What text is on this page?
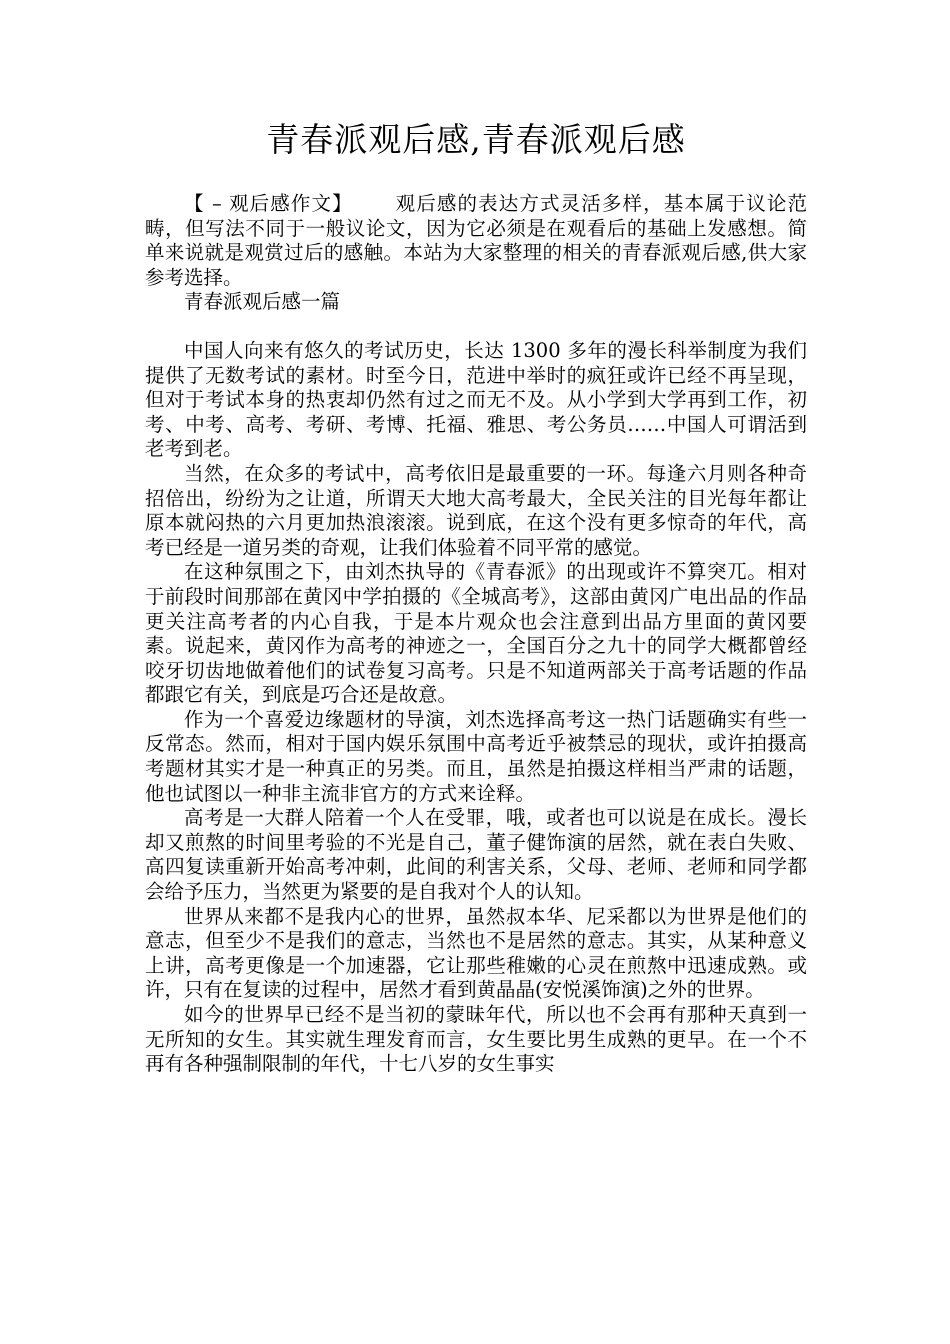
青春派观后感,青春派观后感

【 – 观后感作文】 观后感的表达方式灵活多样，基本属于议论范畴，但写法不同于一般议论文，因为它必须是在观看后的基础上发感想。简单来说就是观赏过后的感触。本站为大家整理的相关的青春派观后感,供大家参考选择。

青春派观后感一篇

中国人向来有悠久的考试历史，长达 1300 多年的漫长科举制度为我们提供了无数考试的素材。时至今日，范进中举时的疯狂或许已经不再呈现，但对于考试本身的热衷却仍然有过之而无不及。从小学到大学再到工作，初考、中考、高考、考研、考博、托福、雅思、考公务员……中国人可谓活到老考到老。

当然，在众多的考试中，高考依旧是最重要的一环。每逢六月则各种奇招倍出，纷纷为之让道，所谓天大地大高考最大，全民关注的目光每年都让原本就闷热的六月更加热浪滚滚。说到底，在这个没有更多惊奇的年代，高考已经是一道另类的奇观，让我们体验着不同平常的感觉。

在这种氛围之下，由刘杰执导的《青春派》的出现或许不算突兀。相对于前段时间那部在黄冈中学拍摄的《全城高考》，这部由黄冈广电出品的作品更关注高考者的内心自我，于是本片观众也会注意到出品方里面的黄冈要素。说起来，黄冈作为高考的神迹之一，全国百分之九十的同学大概都曾经咬牙切齿地做着他们的试卷复习高考。只是不知道两部关于高考话题的作品都跟它有关，到底是巧合还是故意。

作为一个喜爱边缘题材的导演，刘杰选择高考这一热门话题确实有些一反常态。然而，相对于国内娱乐氛围中高考近乎被禁忌的现状，或许拍摄高考题材其实才是一种真正的另类。而且，虽然是拍摄这样相当严肃的话题，他也试图以一种非主流非官方的方式来诠释。

高考是一大群人陪着一个人在受罪，哦，或者也可以说是在成长。漫长却又煎熬的时间里考验的不光是自己，董子健饰演的居然，就在表白失败、高四复读重新开始高考冲刺，此间的利害关系，父母、老师、老师和同学都会给予压力，当然更为紧要的是自我对个人的认知。

世界从来都不是我内心的世界，虽然叔本华、尼采都以为世界是他们的意志，但至少不是我们的意志，当然也不是居然的意志。其实，从某种意义上讲，高考更像是一个加速器，它让那些稚嫩的心灵在煎熬中迅速成熟。或许，只有在复读的过程中，居然才看到黄晶晶(安悦溪饰演)之外的世界。

如今的世界早已经不是当初的蒙昧年代，所以也不会再有那种天真到一无所知的女生。其实就生理发育而言，女生要比男生成熟的更早。在一个不再有各种强制限制的年代，十七八岁的女生事实
